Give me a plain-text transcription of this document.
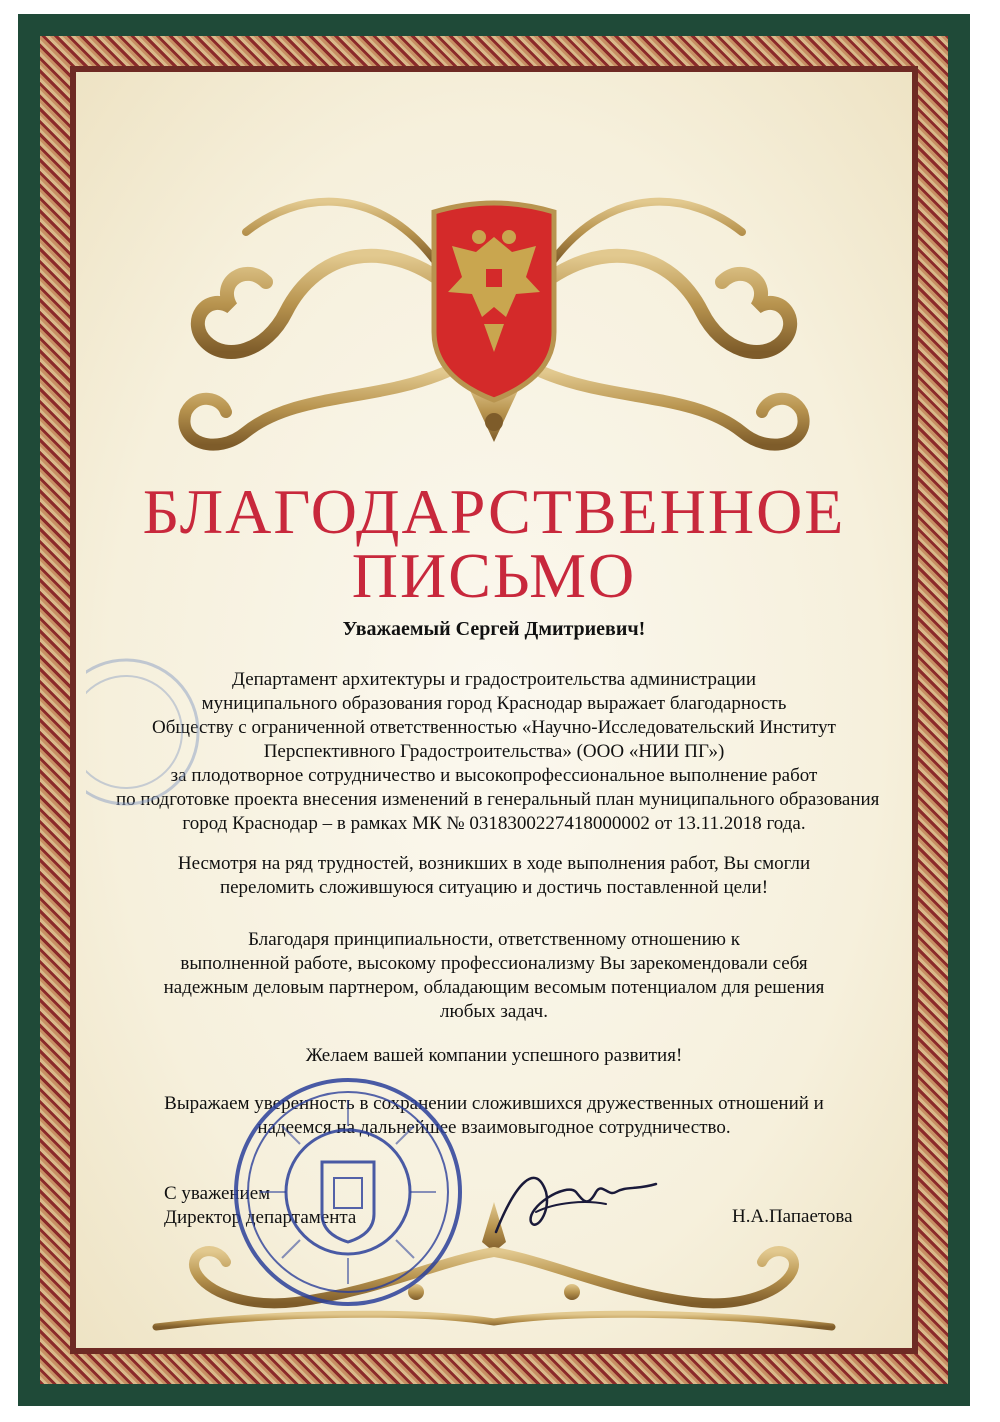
БЛАГОДАРСТВЕННОЕ
ПИСЬМО
Уважаемый Сергей Дмитриевич!
Департамент архитектуры и градостроительства администрации
муниципального образования город Краснодар выражает благодарность
Обществу с ограниченной ответственностью «Научно-Исследовательский Институт
Перспективного Градостроительства» (ООО «НИИ ПГ»)
за плодотворное сотрудничество и высокопрофессиональное выполнение работ
по подготовке проекта внесения изменений в генеральный план муниципального образования
город Краснодар – в рамках МК № 0318300227418000002 от 13.11.2018 года.
Несмотря на ряд трудностей, возникших в ходе выполнения работ, Вы смогли
переломить сложившуюся ситуацию и достичь поставленной цели!
Благодаря принципиальности, ответственному отношению к
выполненной работе, высокому профессионализму Вы зарекомендовали себя
надежным деловым партнером, обладающим весомым потенциалом для решения
любых задач.
Желаем вашей компании успешного развития!
Выражаем уверенность в сохранении сложившихся дружественных отношений и
надеемся на дальнейшее взаимовыгодное сотрудничество.
С уважением
Директор департамента	Н.А.Папаетова
